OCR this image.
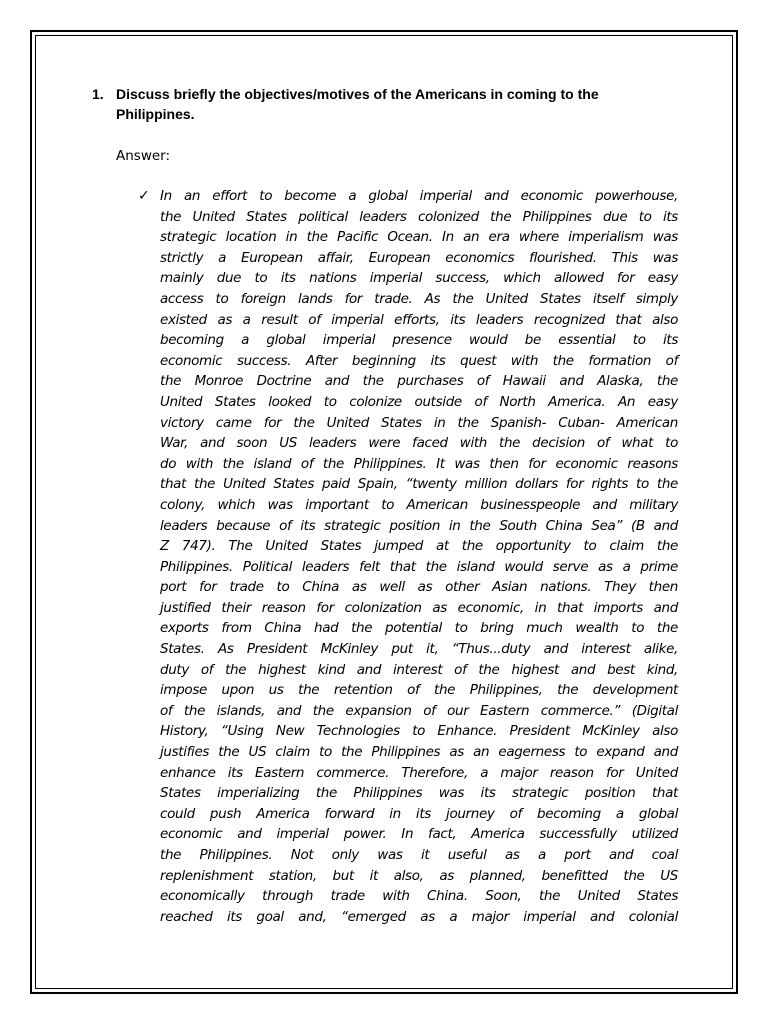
1. Discuss briefly the objectives/motives of the Americans in coming to the Philippines.
Answer:
✓ In an effort to become a global imperial and economic powerhouse,
the United States political leaders colonized the Philippines due to its
strategic location in the Pacific Ocean. In an era where imperialism was
strictly a European affair, European economics flourished. This was
mainly due to its nations imperial success, which allowed for easy
access to foreign lands for trade. As the United States itself simply
existed as a result of imperial efforts, its leaders recognized that also
becoming a global imperial presence would be essential to its
economic success. After beginning its quest with the formation of
the Monroe Doctrine and the purchases of Hawaii and Alaska, the
United States looked to colonize outside of North America. An easy
victory came for the United States in the Spanish- Cuban- American
War, and soon US leaders were faced with the decision of what to
do with the island of the Philippines. It was then for economic reasons
that the United States paid Spain, “twenty million dollars for rights to the
colony, which was important to American businesspeople and military
leaders because of its strategic position in the South China Sea” (B and
Z 747). The United States jumped at the opportunity to claim the
Philippines. Political leaders felt that the island would serve as a prime
port for trade to China as well as other Asian nations. They then
justified their reason for colonization as economic, in that imports and
exports from China had the potential to bring much wealth to the
States. As President McKinley put it, “Thus...duty and interest alike,
duty of the highest kind and interest of the highest and best kind,
impose upon us the retention of the Philippines, the development
of the islands, and the expansion of our Eastern commerce.” (Digital
History, “Using New Technologies to Enhance. President McKinley also
justifies the US claim to the Philippines as an eagerness to expand and
enhance its Eastern commerce. Therefore, a major reason for United
States imperializing the Philippines was its strategic position that
could push America forward in its journey of becoming a global
economic and imperial power. In fact, America successfully utilized
the Philippines. Not only was it useful as a port and coal
replenishment station, but it also, as planned, benefitted the US
economically through trade with China. Soon, the United States
reached its goal and, “emerged as a major imperial and colonial
